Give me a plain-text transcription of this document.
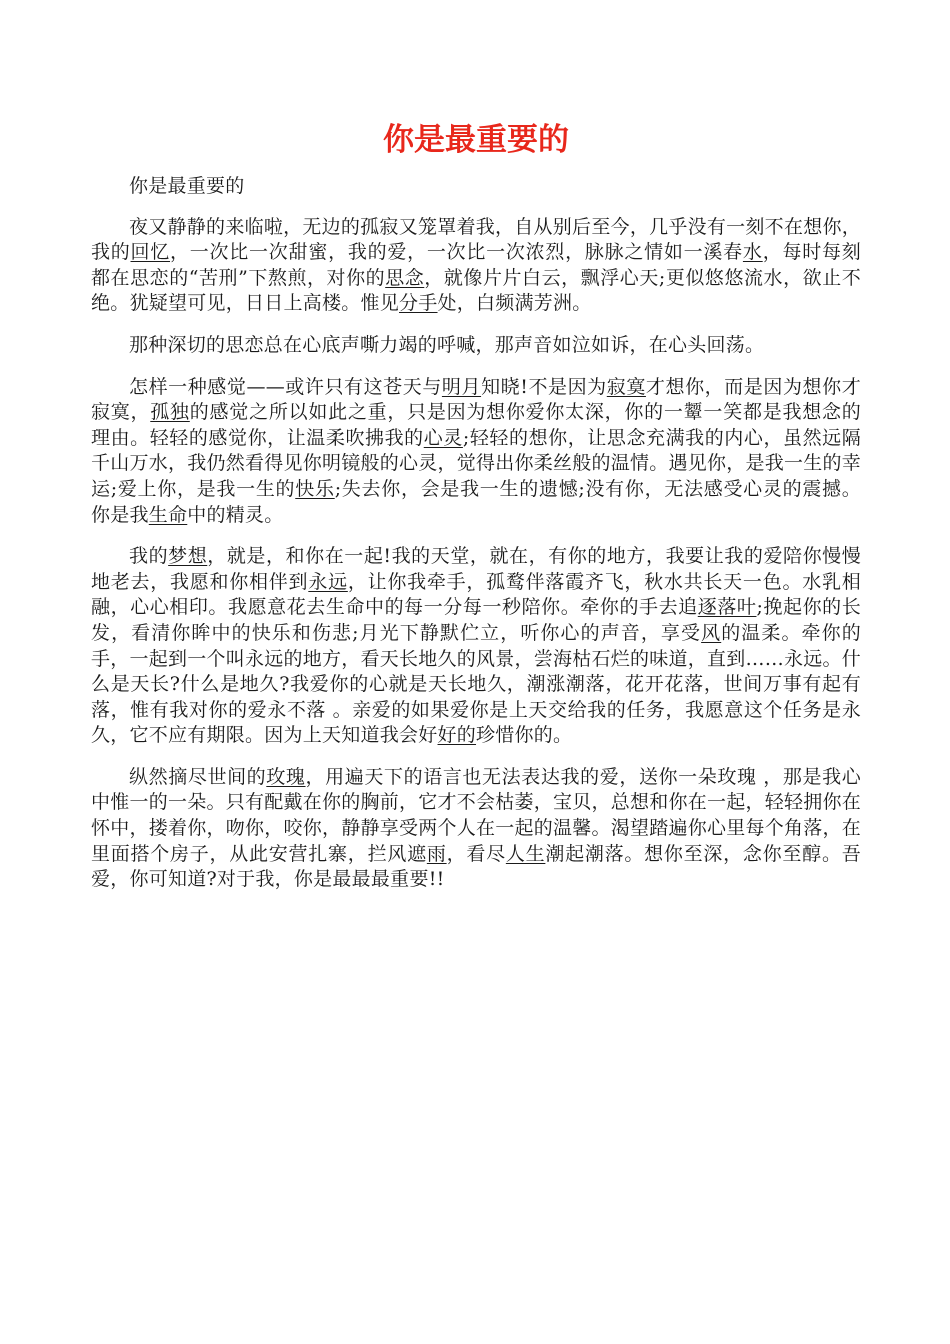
你是最重要的

你是最重要的

夜又静静的来临啦，无边的孤寂又笼罩着我，自从别后至今，几乎没有一刻不在想你，我的回忆，一次比一次甜蜜，我的爱，一次比一次浓烈，脉脉之情如一溪春水，每时每刻都在思恋的“苦刑”下熬煎，对你的思念，就像片片白云，飘浮心天;更似悠悠流水，欲止不绝。犹疑望可见，日日上高楼。惟见分手处，白频满芳洲。

那种深切的思恋总在心底声嘶力竭的呼喊，那声音如泣如诉，在心头回荡。

怎样一种感觉——或许只有这苍天与明月知晓!不是因为寂寞才想你，而是因为想你才寂寞，孤独的感觉之所以如此之重，只是因为想你爱你太深，你的一颦一笑都是我想念的理由。轻轻的感觉你，让温柔吹拂我的心灵;轻轻的想你，让思念充满我的内心，虽然远隔千山万水，我仍然看得见你明镜般的心灵，觉得出你柔丝般的温情。遇见你，是我一生的幸运;爱上你，是我一生的快乐;失去你，会是我一生的遗憾;没有你，无法感受心灵的震撼。你是我生命中的精灵。

我的梦想，就是，和你在一起!我的天堂，就在，有你的地方，我要让我的爱陪你慢慢地老去，我愿和你相伴到永远，让你我牵手，孤鹜伴落霞齐飞，秋水共长天一色。水乳相融，心心相印。我愿意花去生命中的每一分每一秒陪你。牵你的手去追逐落叶;挽起你的长发，看清你眸中的快乐和伤悲;月光下静默伫立，听你心的声音，享受风的温柔。牵你的手，一起到一个叫永远的地方，看天长地久的风景，尝海枯石烂的味道，直到……永远。什么是天长?什么是地久?我爱你的心就是天长地久，潮涨潮落，花开花落，世间万事有起有落，惟有我对你的爱永不落 。亲爱的如果爱你是上天交给我的任务，我愿意这个任务是永久，它不应有期限。因为上天知道我会好好的珍惜你的。

纵然摘尽世间的玫瑰，用遍天下的语言也无法表达我的爱，送你一朵玫瑰 ，那是我心中惟一的一朵。只有配戴在你的胸前，它才不会枯萎，宝贝，总想和你在一起，轻轻拥你在怀中，搂着你，吻你，咬你，静静享受两个人在一起的温馨。渴望踏遍你心里每个角落，在里面搭个房子，从此安营扎寨，拦风遮雨，看尽人生潮起潮落。想你至深，念你至醇。吾爱，你可知道?对于我，你是最最最重要!!
